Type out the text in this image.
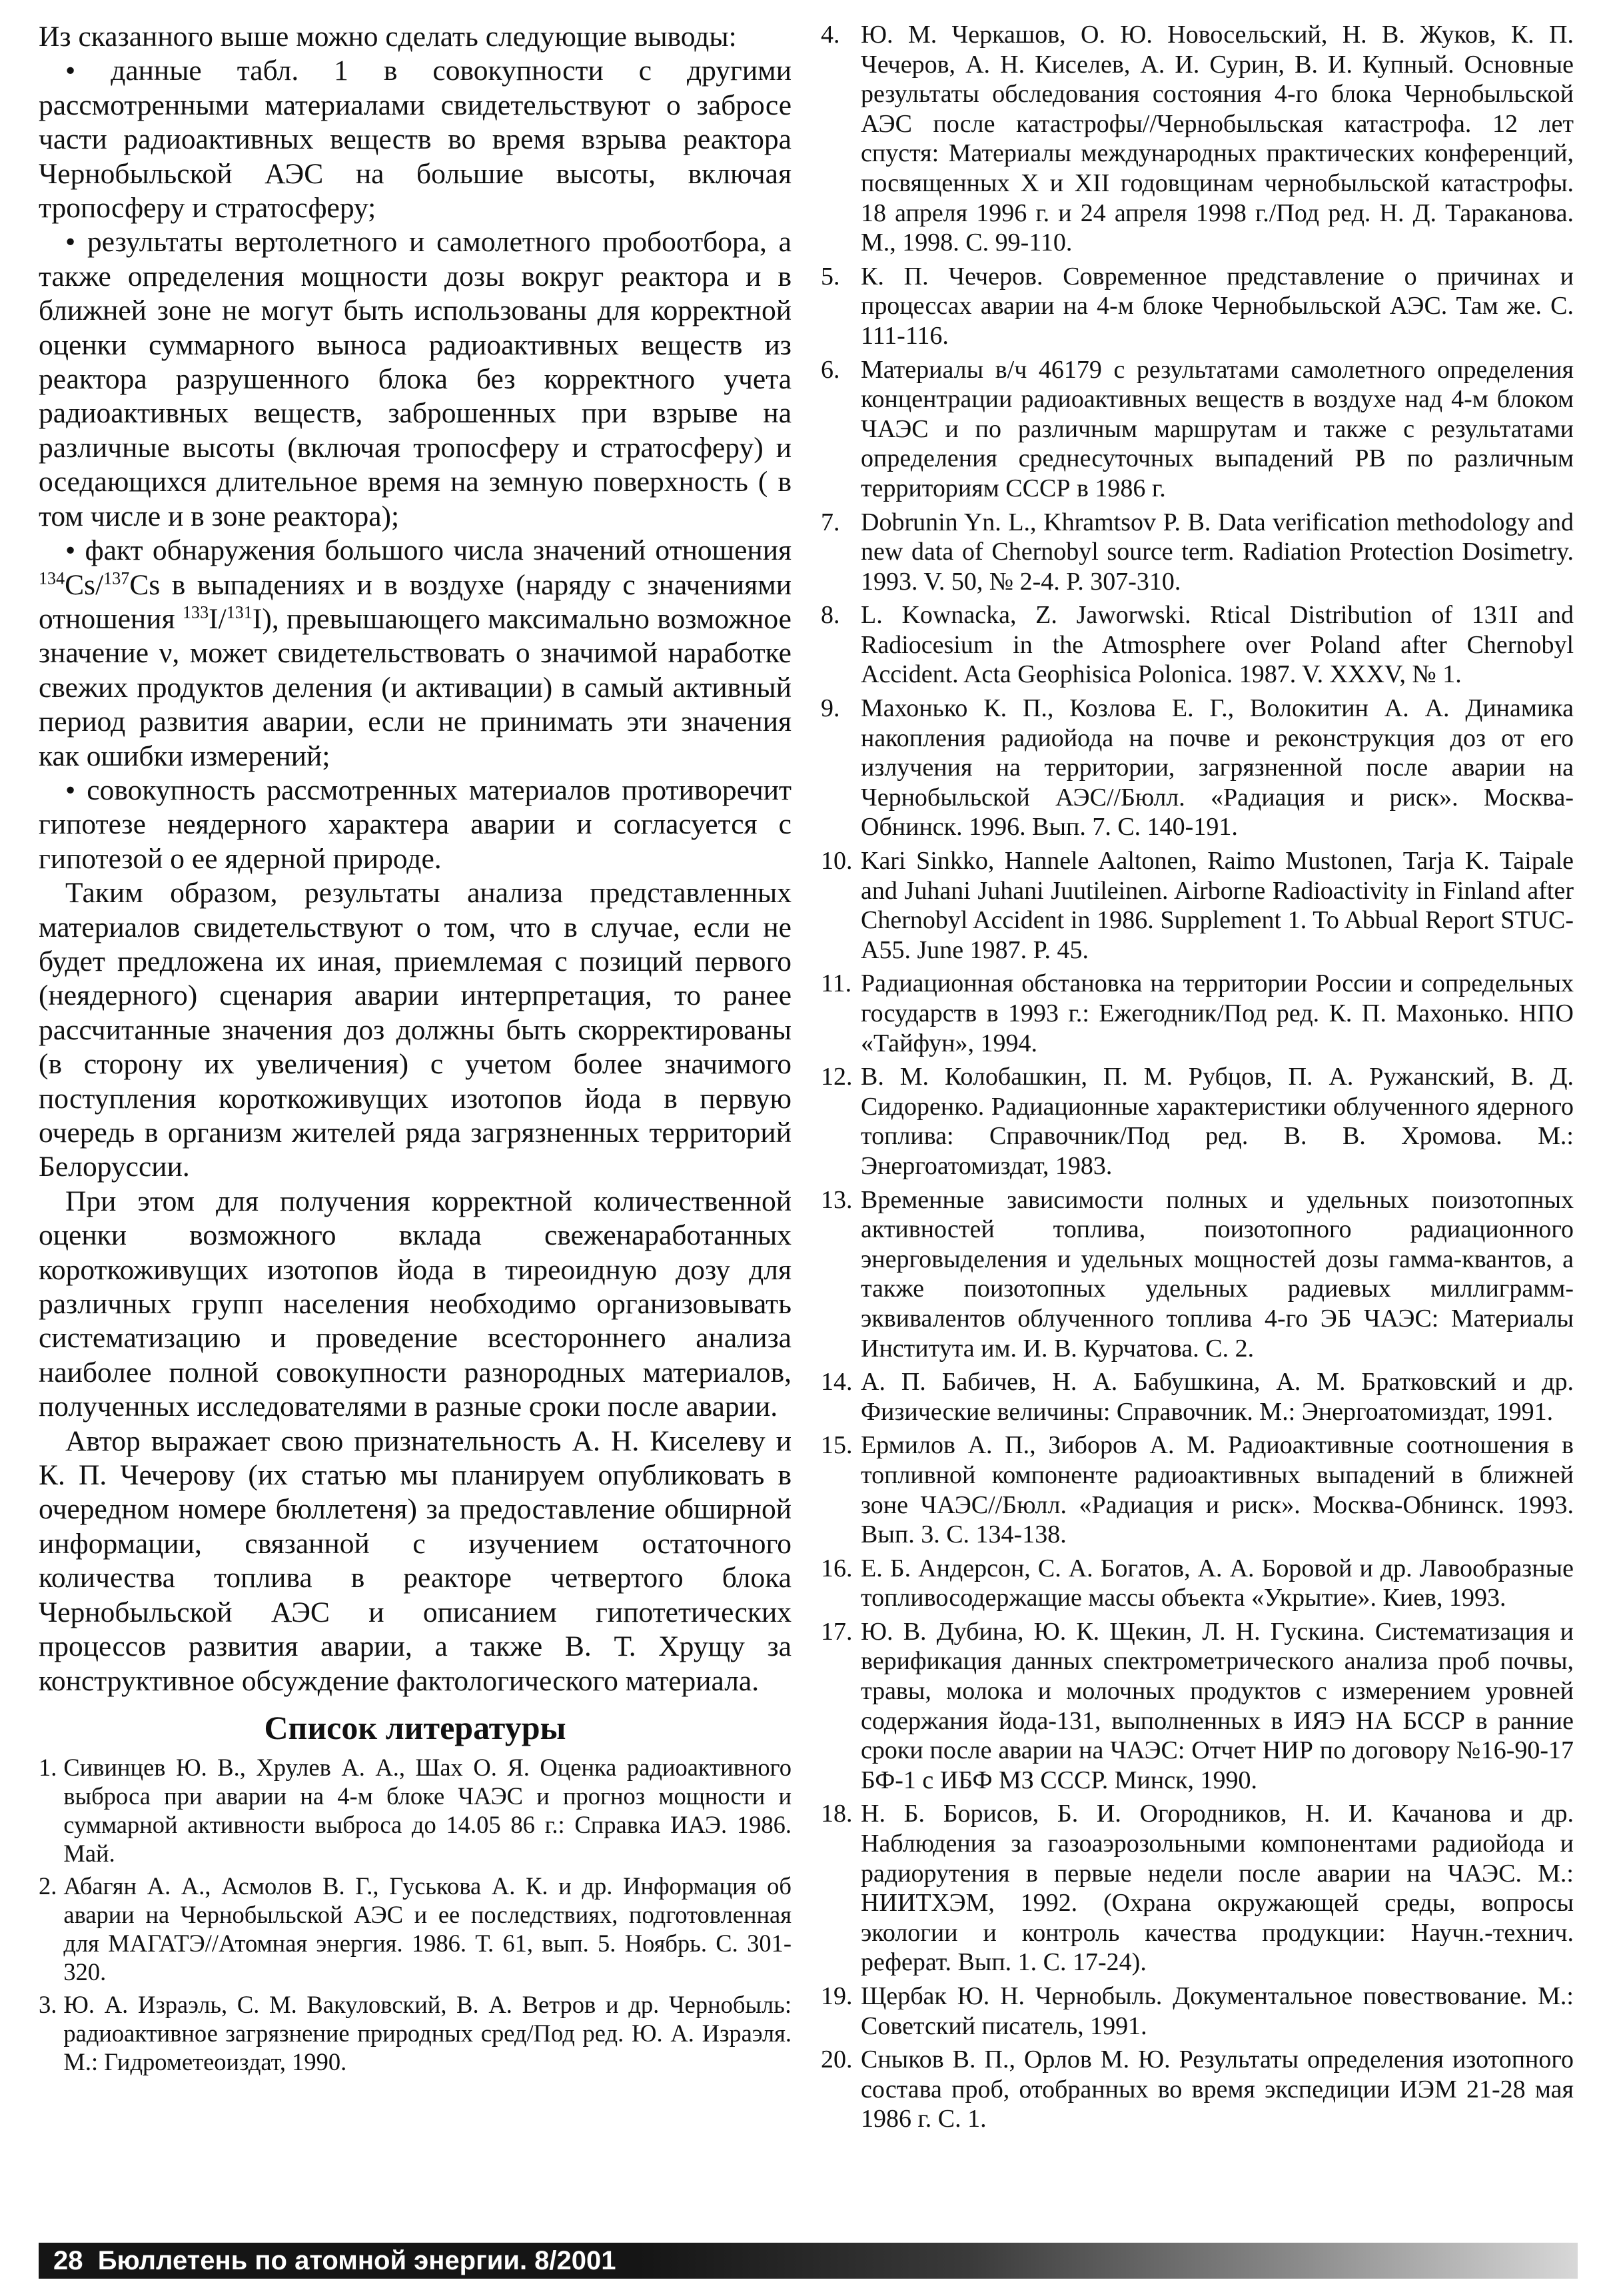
Из сказанного выше можно сделать следующие выводы:

• данные табл. 1 в совокупности с другими рассмотренными материалами свидетельствуют о забросе части радиоактивных веществ во время взрыва реактора Чернобыльской АЭС на большие высоты, включая тропосферу и стратосферу;

• результаты вертолетного и самолетного пробоотбора, а также определения мощности дозы вокруг реактора и в ближней зоне не могут быть использованы для корректной оценки суммарного выноса радиоактивных веществ из реактора разрушенного блока без корректного учета радиоактивных веществ, заброшенных при взрыве на различные высоты (включая тропосферу и стратосферу) и оседающихся длительное время на земную поверхность ( в том числе и в зоне реактора);

• факт обнаружения большого числа значений отношения $^{134}$Cs/$^{137}$Cs в выпадениях и в воздухе (наряду с значениями отношения $^{133}$I/$^{131}$I), превышающего максимально возможное значение ν, может свидетельствовать о значимой наработке свежих продуктов деления (и активации) в самый активный период развития аварии, если не принимать эти значения как ошибки измерений;

• совокупность рассмотренных материалов противоречит гипотезе неядерного характера аварии и согласуется с гипотезой о ее ядерной природе.

Таким образом, результаты анализа представленных материалов свидетельствуют о том, что в случае, если не будет предложена их иная, приемлемая с позиций первого (неядерного) сценария аварии интерпретация, то ранее рассчитанные значения доз должны быть скорректированы (в сторону их увеличения) с учетом более значимого поступления короткоживущих изотопов йода в первую очередь в организм жителей ряда загрязненных территорий Белоруссии.

При этом для получения корректной количественной оценки возможного вклада свеженаработанных короткоживущих изотопов йода в тиреоидную дозу для различных групп населения необходимо организовывать систематизацию и проведение всестороннего анализа наиболее полной совокупности разнородных материалов, полученных исследователями в разные сроки после аварии.

Автор выражает свою признательность А. Н. Киселеву и К. П. Чечерову (их статью мы планируем опубликовать в очередном номере бюллетеня) за предоставление обширной информации, связанной с изучением остаточного количества топлива в реакторе четвертого блока Чернобыльской АЭС и описанием гипотетических процессов развития аварии, а также В. Т. Хрущу за конструктивное обсуждение фактологического материала.

Список литературы
1. Сивинцев Ю. В., Хрулев А. А., Шах О. Я. Оценка радиоактивного выброса при аварии на 4-м блоке ЧАЭС и прогноз мощности и суммарной активности выброса до 14.05 86 г.: Справка ИАЭ. 1986. Май.
2. Абагян А. А., Асмолов В. Г., Гуськова А. К. и др. Информация об аварии на Чернобыльской АЭС и ее последствиях, подготовленная для МАГАТЭ//Атомная энергия. 1986. Т. 61, вып. 5. Ноябрь. С. 301-320.
3. Ю. А. Израэль, С. М. Вакуловский, В. А. Ветров и др. Чернобыль: радиоактивное загрязнение природных сред/Под ред. Ю. А. Израэля. М.: Гидрометеоиздат, 1990.
4. Ю. М. Черкашов, О. Ю. Новосельский, Н. В. Жуков, К. П. Чечеров, А. Н. Киселев, А. И. Сурин, В. И. Купный. Основные результаты обследования состояния 4-го блока Чернобыльской АЭС после катастрофы//Чернобыльская катастрофа. 12 лет спустя: Материалы международных практических конференций, посвященных Х и XII годовщинам чернобыльской катастрофы. 18 апреля 1996 г. и 24 апреля 1998 г./Под ред. Н. Д. Тараканова. М., 1998. С. 99-110.
5. К. П. Чечеров. Современное представление о причинах и процессах аварии на 4-м блоке Чернобыльской АЭС. Там же. С. 111-116.
6. Материалы в/ч 46179 с результатами самолетного определения концентрации радиоактивных веществ в воздухе над 4-м блоком ЧАЭС и по различным маршрутам и также с результатами определения среднесуточных выпадений РВ по различным территориям СССР в 1986 г.
7. Dobrunin Yn. L., Khramtsov P. B. Data verification methodology and new data of Chernobyl source term. Radiation Protection Dosimetry. 1993. V. 50, № 2-4. P. 307-310.
8. L. Kownacka, Z. Jaworwski. Rtical Distribution of 131I and Radiocesium in the Atmosphere over Poland after Chernobyl Accident. Acta Geophisica Polonica. 1987. V. XXXV, № 1.
9. Махонько К. П., Козлова Е. Г., Волокитин А. А. Динамика накопления радиойода на почве и реконструкция доз от его излучения на территории, загрязненной после аварии на Чернобыльской АЭС//Бюлл. «Радиация и риск». Москва-Обнинск. 1996. Вып. 7. С. 140-191.
10. Kari Sinkko, Hannele Aaltonen, Raimo Mustonen, Tarja K. Taipale and Juhani Juhani Juutileinen. Airborne Radioactivity in Finland after Chernobyl Accident in 1986. Supplement 1. To Abbual Report STUC-A55. June 1987. P. 45.
11. Радиационная обстановка на территории России и сопредельных государств в 1993 г.: Ежегодник/Под ред. К. П. Махонько. НПО «Тайфун», 1994.
12. В. М. Колобашкин, П. М. Рубцов, П. А. Ружанский, В. Д. Сидоренко. Радиационные характеристики облученного ядерного топлива: Справочник/Под ред. В. В. Хромова. М.: Энергоатомиздат, 1983.
13. Временные зависимости полных и удельных поизотопных активностей топлива, поизотопного радиационного энерговыделения и удельных мощностей дозы гамма-квантов, а также поизотопных удельных радиевых миллиграмм-эквивалентов облученного топлива 4-го ЭБ ЧАЭС: Материалы Института им. И. В. Курчатова. С. 2.
14. А. П. Бабичев, Н. А. Бабушкина, А. М. Братковский и др. Физические величины: Справочник. М.: Энергоатомиздат, 1991.
15. Ермилов А. П., Зиборов А. М. Радиоактивные соотношения в топливной компоненте радиоактивных выпадений в ближней зоне ЧАЭС//Бюлл. «Радиация и риск». Москва-Обнинск. 1993. Вып. 3. С. 134-138.
16. Е. Б. Андерсон, С. А. Богатов, А. А. Боровой и др. Лавообразные топливосодержащие массы объекта «Укрытие». Киев, 1993.
17. Ю. В. Дубина, Ю. К. Щекин, Л. Н. Гускина. Систематизация и верификация данных спектрометрического анализа проб почвы, травы, молока и молочных продуктов с измерением уровней содержания йода-131, выполненных в ИЯЭ НА БССР в ранние сроки после аварии на ЧАЭС: Отчет НИР по договору №16-90-17 БФ-1 с ИБФ МЗ СССР. Минск, 1990.
18. Н. Б. Борисов, Б. И. Огородников, Н. И. Качанова и др. Наблюдения за газоаэрозольными компонентами радиойода и радиорутения в первые недели после аварии на ЧАЭС. М.: НИИТХЭМ, 1992. (Охрана окружающей среды, вопросы экологии и контроль качества продукции: Научн.-технич. реферат. Вып. 1. С. 17-24).
19. Щербак Ю. Н. Чернобыль. Документальное повествование. М.: Советский писатель, 1991.
20. Сныков В. П., Орлов М. Ю. Результаты определения изотопного состава проб, отобранных во время экспедиции ИЭМ 21-28 мая 1986 г. С. 1.
28 Бюллетень по атомной энергии. 8/2001
